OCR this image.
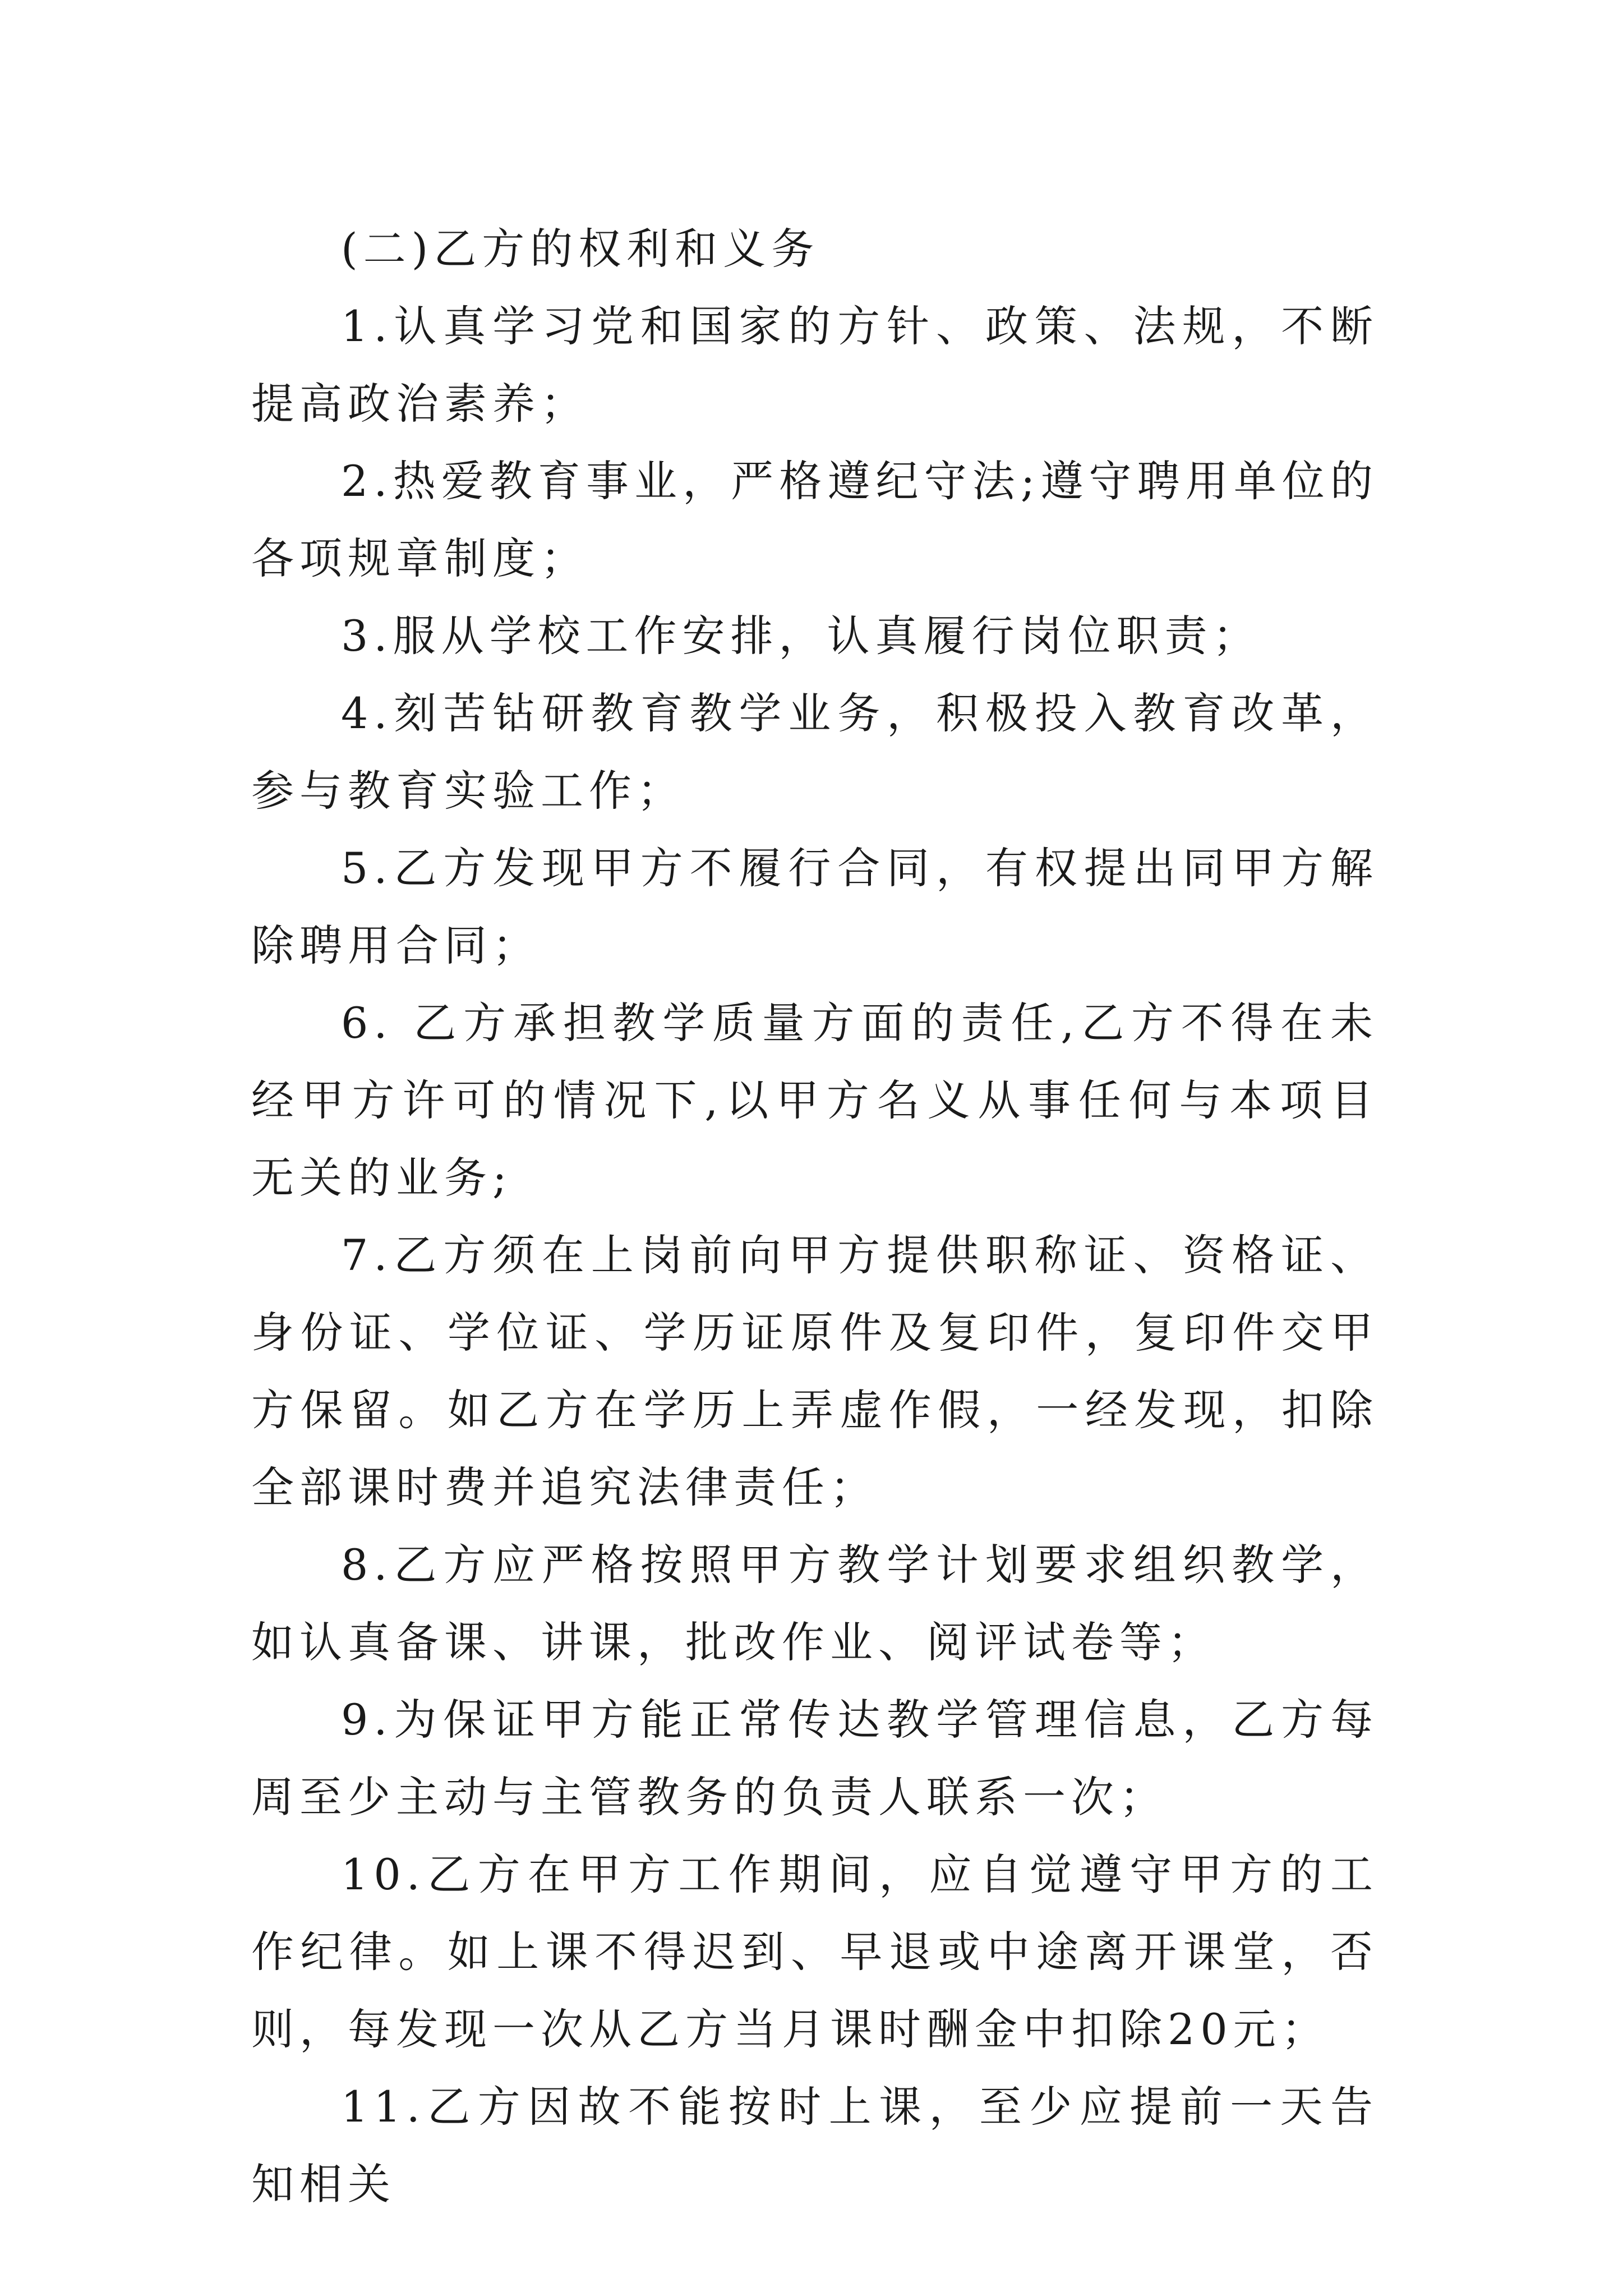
(二)乙方的权利和义务

1.认真学习党和国家的方针、政策、法规，不断提高政治素养；

2.热爱教育事业，严格遵纪守法;遵守聘用单位的各项规章制度；

3.服从学校工作安排，认真履行岗位职责；

4.刻苦钻研教育教学业务，积极投入教育改革，参与教育实验工作；

5.乙方发现甲方不履行合同，有权提出同甲方解除聘用合同；

6. 乙方承担教学质量方面的责任,乙方不得在未经甲方许可的情况下,以甲方名义从事任何与本项目无关的业务;

7.乙方须在上岗前向甲方提供职称证、资格证、身份证、学位证、学历证原件及复印件，复印件交甲方保留。如乙方在学历上弄虚作假，一经发现，扣除全部课时费并追究法律责任；

8.乙方应严格按照甲方教学计划要求组织教学，如认真备课、讲课，批改作业、阅评试卷等；

9.为保证甲方能正常传达教学管理信息，乙方每周至少主动与主管教务的负责人联系一次；

10.乙方在甲方工作期间，应自觉遵守甲方的工作纪律。如上课不得迟到、早退或中途离开课堂，否则，每发现一次从乙方当月课时酬金中扣除20元；

11.乙方因故不能按时上课，至少应提前一天告知相关
